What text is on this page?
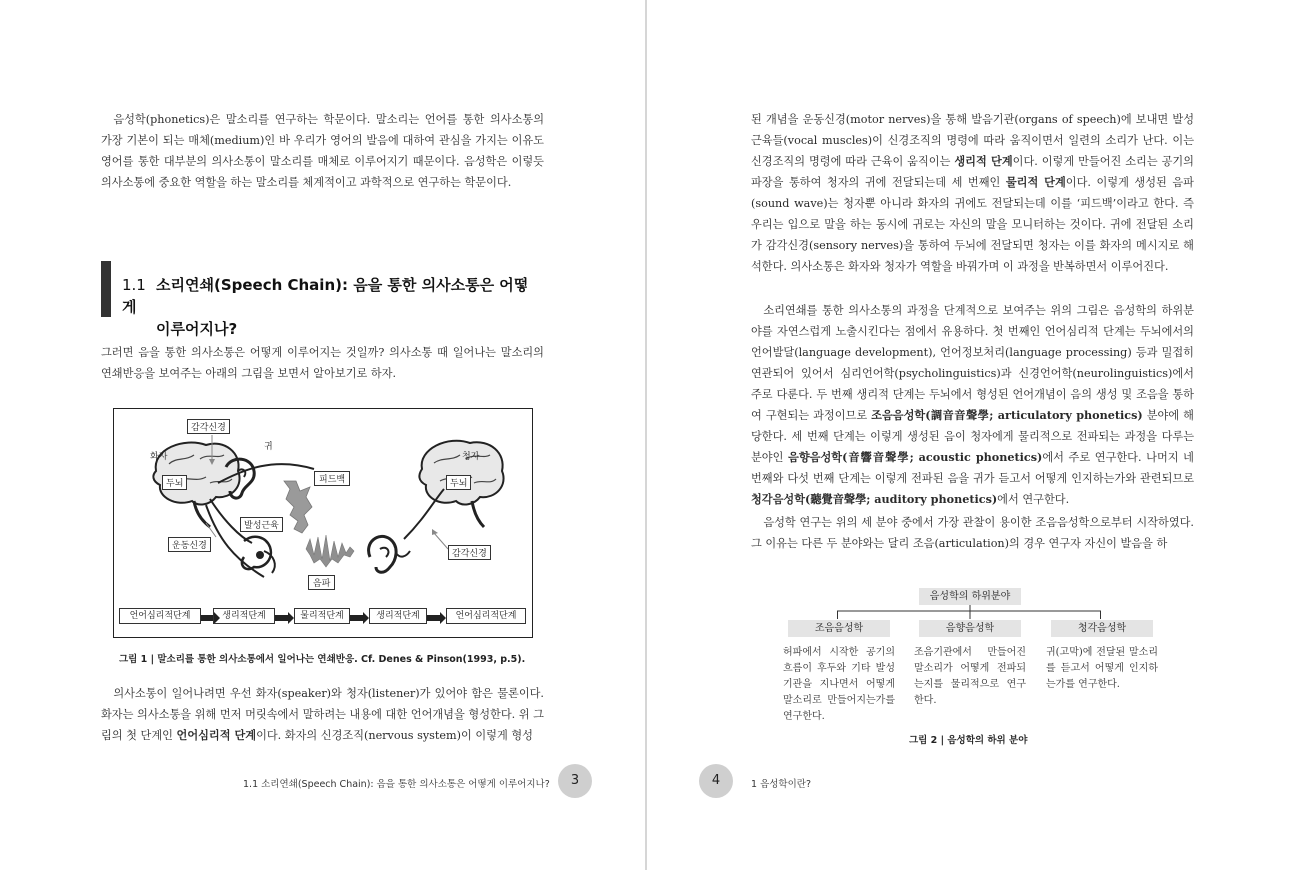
음성학(phonetics)은 말소리를 연구하는 학문이다. 말소리는 언어를 통한 의사소통의 가장 기본이 되는 매체(medium)인 바 우리가 영어의 발음에 대하여 관심을 가지는 이유도 영어를 통한 대부분의 의사소통이 말소리를 매체로 이루어지기 때문이다. 음성학은 이렇듯 의사소통에 중요한 역할을 하는 말소리를 체계적이고 과학적으로 연구하는 학문이다.

1.1 소리연쇄(Speech Chain): 음을 통한 의사소통은 어떻게
이루어지나?

그러면 음을 통한 의사소통은 어떻게 이루어지는 것일까? 의사소통 때 일어나는 말소리의 연쇄반응을 보여주는 아래의 그림을 보면서 알아보기로 하자.

감각신경
귀
화자	청자
두뇌	두뇌
피드백
발성근육
운동신경
음파
감각신경
언어심리적단계	생리적단계	물리적단계	생리적단계	언어심리적단계
그림 1 | 말소리를 통한 의사소통에서 일어나는 연쇄반응. Cf. Denes & Pinson(1993, p.5).

의사소통이 일어나려면 우선 화자(speaker)와 청자(listener)가 있어야 함은 물론이다. 화자는 의사소통을 위해 먼저 머릿속에서 말하려는 내용에 대한 언어개념을 형성한다. 위 그림의 첫 단계인 언어심리적 단계이다. 화자의 신경조직(nervous system)이 이렇게 형성

1.1 소리연쇄(Speech Chain): 음을 통한 의사소통은 어떻게 이루어지나?	3

된 개념을 운동신경(motor nerves)을 통해 발음기관(organs of speech)에 보내면 발성근육들(vocal muscles)이 신경조직의 명령에 따라 움직이면서 일련의 소리가 난다. 이는 신경조직의 명령에 따라 근육이 움직이는 생리적 단계이다. 이렇게 만들어진 소리는 공기의 파장을 통하여 청자의 귀에 전달되는데 세 번째인 물리적 단계이다. 이렇게 생성된 음파(sound wave)는 청자뿐 아니라 화자의 귀에도 전달되는데 이를 ‘피드백’이라고 한다. 즉 우리는 입으로 말을 하는 동시에 귀로는 자신의 말을 모니터하는 것이다. 귀에 전달된 소리가 감각신경(sensory nerves)을 통하여 두뇌에 전달되면 청자는 이를 화자의 메시지로 해석한다. 의사소통은 화자와 청자가 역할을 바꿔가며 이 과정을 반복하면서 이루어진다.

소리연쇄를 통한 의사소통의 과정을 단계적으로 보여주는 위의 그림은 음성학의 하위분야를 자연스럽게 노출시킨다는 점에서 유용하다. 첫 번째인 언어심리적 단계는 두뇌에서의 언어발달(language development), 언어정보처리(language processing) 등과 밀접히 연관되어 있어서 심리언어학(psycholinguistics)과 신경언어학(neurolinguistics)에서 주로 다룬다. 두 번째 생리적 단계는 두뇌에서 형성된 언어개념이 음의 생성 및 조음을 통하여 구현되는 과정이므로 조음음성학(調音音聲學; articulatory phonetics) 분야에 해당한다. 세 번째 단계는 이렇게 생성된 음이 청자에게 물리적으로 전파되는 과정을 다루는 분야인 음향음성학(音響音聲學; acoustic phonetics)에서 주로 연구한다. 나머지 네 번째와 다섯 번째 단계는 이렇게 전파된 음을 귀가 듣고서 어떻게 인지하는가와 관련되므로 청각음성학(聽覺音聲學; auditory phonetics)에서 연구한다.

음성학 연구는 위의 세 분야 중에서 가장 관찰이 용이한 조음음성학으로부터 시작하였다. 그 이유는 다른 두 분야와는 달리 조음(articulation)의 경우 연구자 자신이 발음을 하

음성학의 하위분야
조음음성학	음향음성학	청각음성학
허파에서 시작한 공기의 흐름이 후두와 기타 발성기관을 지나면서 어떻게 말소리로 만들어지는가를 연구한다.
조음기관에서 만들어진 말소리가 어떻게 전파되는지를 물리적으로 연구한다.
귀(고막)에 전달된 말소리를 듣고서 어떻게 인지하는가를 연구한다.
그림 2 | 음성학의 하위 분야
4	1 음성학이란?
